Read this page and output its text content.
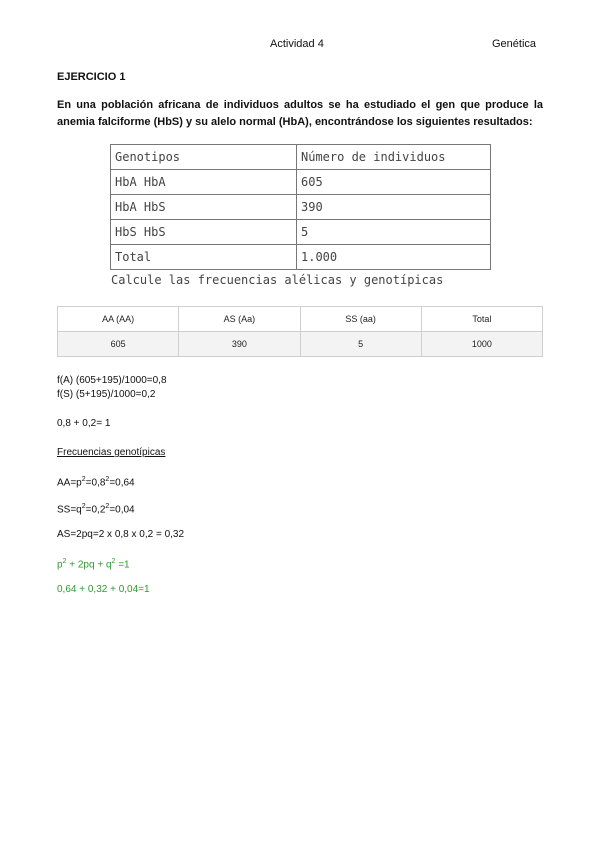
Actividad 4	Genética
EJERCICIO 1
En una población africana de individuos adultos se ha estudiado el gen que produce la anemia falciforme (HbS) y su alelo normal (HbA), encontrándose los siguientes resultados:
Genotipos	Número de individuos
HbA HbA	605
HbA HbS	390
HbS HbS	5
Total	1.000
Calcule las frecuencias alélicas y genotípicas
AA (AA)	AS (Aa)	SS (aa)	Total
605	390	5	1000
f(A) (605+195)/1000=0,8
f(S) (5+195)/1000=0,2
0,8 + 0,2= 1
Frecuencias genotípicas
$AA=p^2=0,8^2=0,64$
$SS=q^2=0,2^2=0,04$
AS=2pq=2 x 0,8 x 0,2 = 0,32
$p^2 + 2pq + q^2 =1$
0,64 + 0,32 + 0,04=1
